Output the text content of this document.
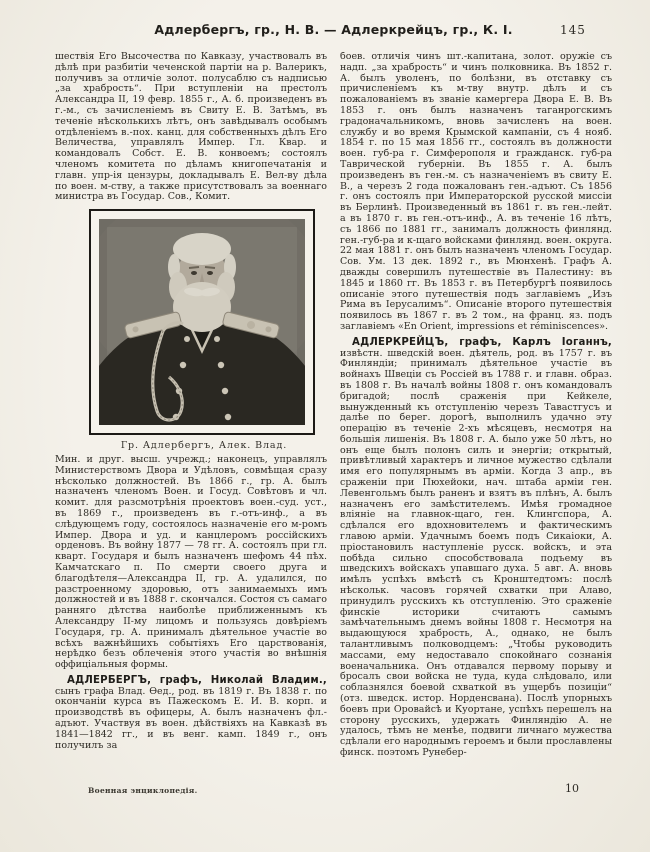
Адлербергъ, гр., Н. В. — Адлеркрейцъ, гр., К. I.	145

шествія Его Высочества по Кавказу, участвовалъ въ дѣлѣ при разбитіи чеченской партіи на р. Валерикъ, получивъ за отличіе золот. полусаблю съ надписью „за храбрость“. При вступленіи на престолъ Александра II, 19 февр. 1855 г., А. б. произведенъ въ г.-м., съ зачисленіемъ въ Свиту Е. В. Затѣмъ, въ теченіе нѣсколькихъ лѣтъ, онъ завѣдывалъ особымъ отдѣленіемъ в.-пох. канц. для собственныхъ дѣлъ Его Величества, управлялъ Импер. Гл. Квар. и командовалъ Собст. Е. В. конвоемъ; состоялъ членомъ комитета по дѣламъ книгопечатанія и главн. упр-ія цензуры, докладывалъ Е. Вел-ву дѣла по воен. м-ству, а также присутствовалъ за военнаго министра въ Государ. Сов., Комит.

Гр. Адлербергъ, Алек. Влад.

Мин. и друг. высш. учрежд.; наконецъ, управлялъ Министерствомъ Двора и Удѣловъ, совмѣщая сразу нѣсколько должностей. Въ 1866 г., гр. А. былъ назначенъ членомъ Воен. и Госуд. Совѣтовъ и чл. комит. для разсмотрѣнія проектовъ воен.-суд. уст., въ 1869 г., произведенъ въ г.-отъ-инф., а въ слѣдующемъ году, состоялось назначеніе его м-ромъ Импер. Двора и уд. и канцлеромъ россійскихъ орденовъ. Въ войну 1877 — 78 гг. А. состоялъ при гл. кварт. Государя и былъ назначенъ шефомъ 44 пѣх. Камчатскаго п. По смерти своего друга и благодѣтеля—Александра II, гр. А. удалился, по разстроенному здоровью, отъ занимаемыхъ имъ должностей и въ 1888 г. скончался. Состоя съ самаго ранняго дѣтства наиболѣе приближеннымъ къ Александру II-му лицомъ и пользуясь довѣріемъ Государя, гр. А. принималъ дѣятельное участіе во всѣхъ важнѣйшихъ событіяхъ Его царствованія, нерѣдко безъ облеченія этого участія во внѣшнія оффиціальныя формы.

АДЛЕРБЕРГЪ, графъ, Николай Владим., сынъ графа Влад. Ѳед., род. въ 1819 г. Въ 1838 г. по окончаніи курса въ Пажескомъ Е. И. В. корп. и производствѣ въ офицеры, А. былъ назначенъ фл.-адъют. Участвуя въ воен. дѣйствіяхъ на Кавказѣ въ 1841—1842 гг., и въ венг. камп. 1849 г., онъ получилъ за

боев. отличія чинъ шт.-капитана, золот. оружіе съ надп. „за храбрость“ и чинъ полковника. Въ 1852 г. А. былъ уволенъ, по болѣзни, въ отставку съ причисленіемъ къ м-тву внутр. дѣлъ и съ пожалованіемъ въ званіе камергера Двора Е. В. Въ 1853 г. онъ былъ назначенъ таганрогскимъ градоначальникомъ, вновь зачисленъ на воен. службу и во время Крымской кампаніи, съ 4 нояб. 1854 г. по 15 мая 1856 гг., состоялъ въ должности воен. губ-ра г. Симферополя и гражданск. губ-ра Таврической губерніи. Въ 1855 г. А. былъ произведенъ въ ген.-м. съ назначеніемъ въ свиту Е. В., а черезъ 2 года пожалованъ ген.-адъют. Съ 1856 г. онъ состоялъ при Императорской русской миссіи въ Берлинѣ. Произведенный въ 1861 г. въ ген.-лейт. а въ 1870 г. въ ген.-отъ-инф., А. въ теченіе 16 лѣтъ, съ 1866 по 1881 гг., занималъ должность финлянд. ген.-губ-ра и к-щаго войсками финлянд. воен. округа. 22 мая 1881 г. онъ былъ назначенъ членомъ Государ. Сов. Ум. 13 дек. 1892 г., въ Мюнхенѣ. Графъ А. дважды совершилъ путешествіе въ Палестину: въ 1845 и 1860 гг. Въ 1853 г. въ Петербургѣ появилось описаніе этого путешествія подъ заглавіемъ „Изъ Рима въ Іерусалимъ“. Описаніе второго путешествія появилось въ 1867 г. въ 2 том., на франц. яз. подъ заглавіемъ «En Orient, impressions et réminiscences».

АДЛЕРКРЕЙЦЪ, графъ, Карлъ Іоганнъ, извѣстн. шведскій воен. дѣятель, род. въ 1757 г. въ Финляндіи; принималъ дѣятельное участіе въ войнахъ Швеціи съ Россіей въ 1788 г. и главн. образ. въ 1808 г. Въ началѣ войны 1808 г. онъ командовалъ бригадой; послѣ сраженія при Кейкеле, вынужденный къ отступленію черезъ Тавастгусъ и далѣе по берег. дорогѣ, выполнилъ удачно эту операцію въ теченіе 2-хъ мѣсяцевъ, несмотря на большія лишенія. Въ 1808 г. А. было уже 50 лѣтъ, но онъ еще былъ полонъ силъ и энергіи; открытый, привѣтливый характеръ и личное мужество сдѣлали имя его популярнымъ въ арміи. Когда 3 апр., въ сраженіи при Пюхейоки, нач. штаба арміи ген. Левенгольмъ былъ раненъ и взятъ въ плѣнъ, А. былъ назначенъ его замѣстителемъ. Имѣя громадное вліяніе на главнок-щаго, ген. Клингспора, А. сдѣлался его вдохновителемъ и фактическимъ главою арміи. Удачнымъ боемъ подъ Сикаіоки, А. пріостановилъ наступленіе русск. войскъ, и эта побѣда сильно способствовала подъему въ шведскихъ войскахъ упавшаго духа. 5 авг. А. вновь имѣлъ успѣхъ вмѣстѣ съ Кронштедтомъ: послѣ нѣскольк. часовъ горячей схватки при Алаво, принудилъ русскихъ къ отступленію. Это сраженіе финскіе историки считаютъ самымъ замѣчательнымъ днемъ войны 1808 г. Несмотря на выдающуюся храбрость, А., однако, не былъ талантливымъ полководцемъ: „Чтобы руководить массами, ему недоставало спокойнаго сознанія военачальника. Онъ отдавался первому порыву и бросалъ свои войска не туда, куда слѣдовало, или соблазнялся боевой схваткой въ ущербъ позиціи“ (отз. шведск. истор. Норденсвана). Послѣ упорныхъ боевъ при Оровайсѣ и Куортане, успѣхъ перешелъ на сторону русскихъ, удержать Финляндію А. не удалось, тѣмъ не менѣе, подвиги личнаго мужества сдѣлали его народнымъ героемъ и были прославлены финск. поэтомъ Рунебер-

Военная энциклопедія.	10
